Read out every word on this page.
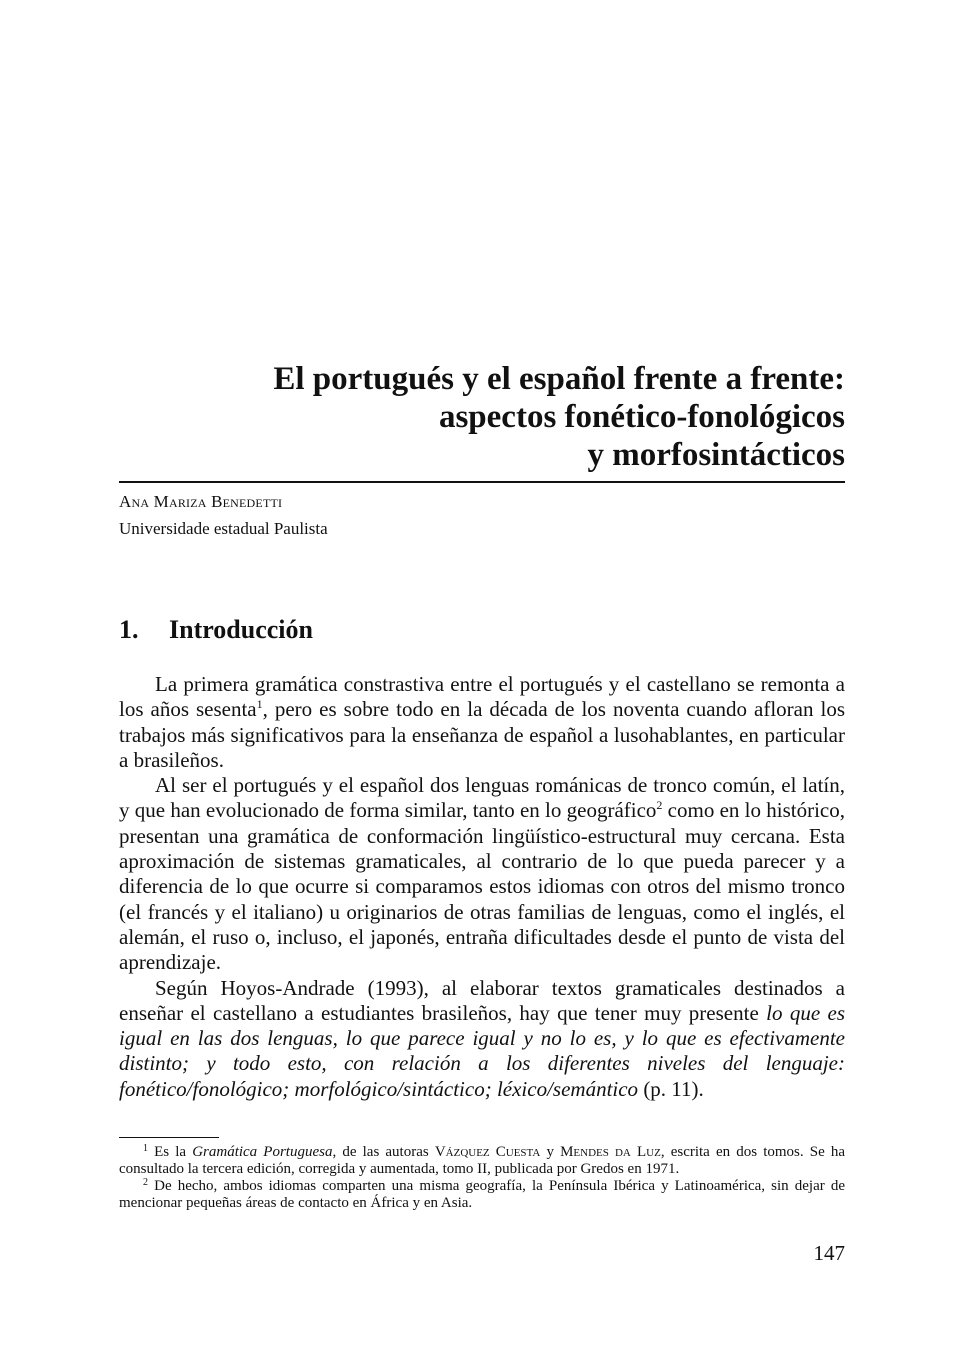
El portugués y el español frente a frente:
aspectos fonético-fonológicos
y morfosintácticos
Ana Mariza Benedetti
Universidade estadual Paulista
1. Introducción

La primera gramática constrastiva entre el portugués y el castellano se remonta a los años sesenta$^1$, pero es sobre todo en la década de los noventa cuando afloran los trabajos más significativos para la enseñanza de español a lusohablantes, en particular a brasileños.

Al ser el portugués y el español dos lenguas románicas de tronco común, el latín, y que han evolucionado de forma similar, tanto en lo geográfico$^2$ como en lo histórico, presentan una gramática de conformación lingüístico-estructural muy cercana. Esta aproximación de sistemas gramaticales, al contrario de lo que pueda parecer y a diferencia de lo que ocurre si comparamos estos idiomas con otros del mismo tronco (el francés y el italiano) u originarios de otras familias de lenguas, como el inglés, el alemán, el ruso o, incluso, el japonés, entraña dificultades desde el punto de vista del aprendizaje.

Según Hoyos-Andrade (1993), al elaborar textos gramaticales destinados a enseñar el castellano a estudiantes brasileños, hay que tener muy presente lo que es igual en las dos lenguas, lo que parece igual y no lo es, y lo que es efectivamente distinto; y todo esto, con relación a los diferentes niveles del lenguaje: fonético/fonológico; morfológico/sintáctico; léxico/semántico (p. 11).

$^1$ Es la Gramática Portuguesa, de las autoras Vázquez Cuesta y Mendes da Luz, escrita en dos tomos. Se ha consultado la tercera edición, corregida y aumentada, tomo II, publicada por Gredos en 1971.

$^2$ De hecho, ambos idiomas comparten una misma geografía, la Península Ibérica y Latinoamérica, sin dejar de mencionar pequeñas áreas de contacto en África y en Asia.

147
